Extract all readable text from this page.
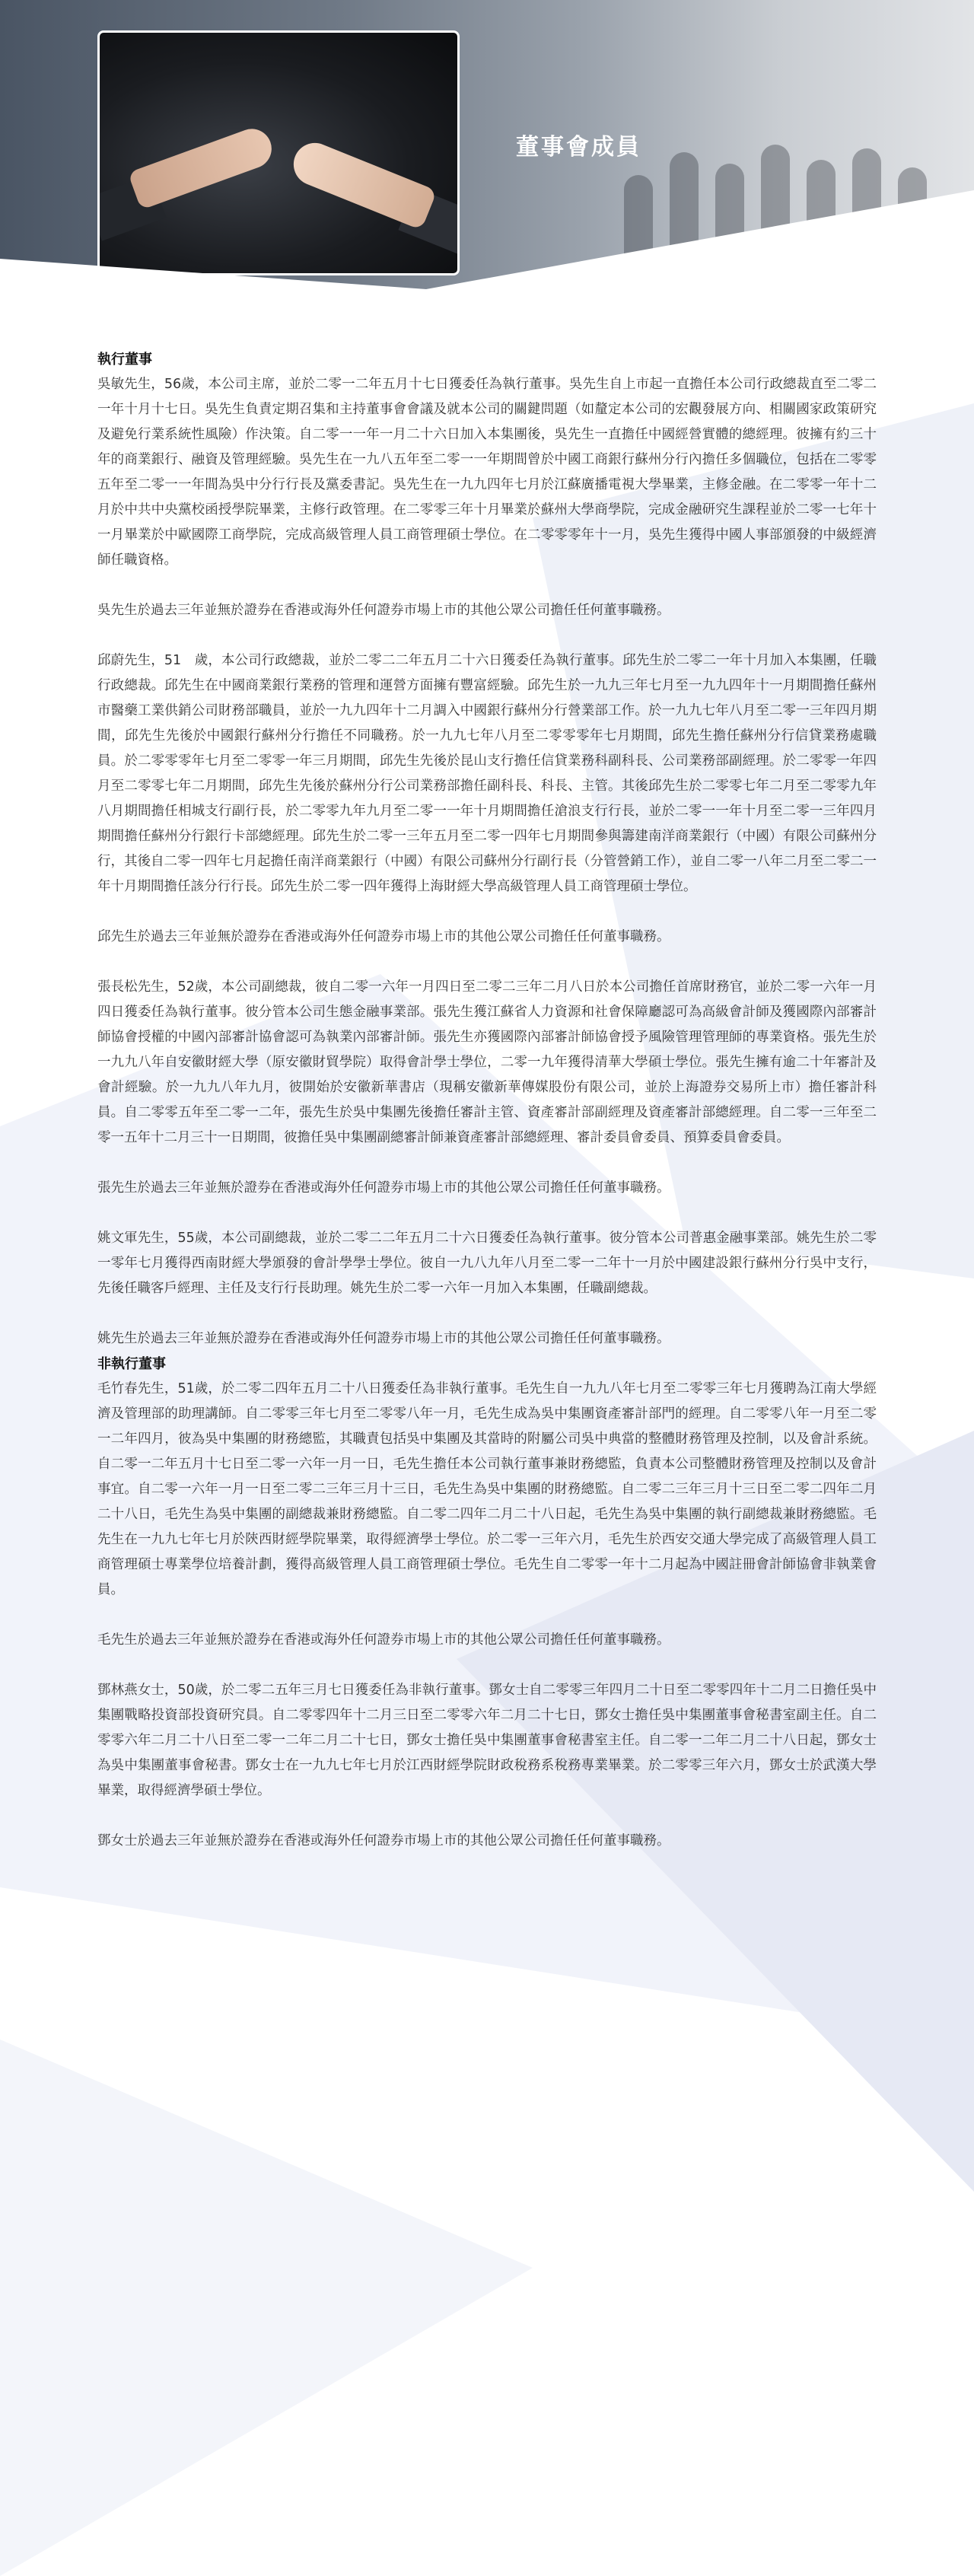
董事會成員

執行董事

吳敏先生，56歲，本公司主席，並於二零一二年五月十七日獲委任為執行董事。吳先生自上市起一直擔任本公司行政總裁直至二零二一年十月十七日。吳先生負責定期召集和主持董事會會議及就本公司的關鍵問題（如釐定本公司的宏觀發展方向、相關國家政策研究及避免行業系統性風險）作決策。自二零一一年一月二十六日加入本集團後，吳先生一直擔任中國經營實體的總經理。彼擁有約三十年的商業銀行、融資及管理經驗。吳先生在一九八五年至二零一一年期間曾於中國工商銀行蘇州分行內擔任多個職位，包括在二零零五年至二零一一年間為吳中分行行長及黨委書記。吳先生在一九九四年七月於江蘇廣播電視大學畢業，主修金融。在二零零一年十二月於中共中央黨校函授學院畢業，主修行政管理。在二零零三年十月畢業於蘇州大學商學院，完成金融研究生課程並於二零一七年十一月畢業於中歐國際工商學院，完成高級管理人員工商管理碩士學位。在二零零零年十一月，吳先生獲得中國人事部頒發的中級經濟師任職資格。

吳先生於過去三年並無於證券在香港或海外任何證券市場上市的其他公眾公司擔任任何董事職務。

邱蔚先生，51　歲，本公司行政總裁，並於二零二二年五月二十六日獲委任為執行董事。邱先生於二零二一年十月加入本集團，任職行政總裁。邱先生在中國商業銀行業務的管理和運營方面擁有豐富經驗。邱先生於一九九三年七月至一九九四年十一月期間擔任蘇州市醫藥工業供銷公司財務部職員，並於一九九四年十二月調入中國銀行蘇州分行營業部工作。於一九九七年八月至二零一三年四月期間，邱先生先後於中國銀行蘇州分行擔任不同職務。於一九九七年八月至二零零零年七月期間，邱先生擔任蘇州分行信貸業務處職員。於二零零零年七月至二零零一年三月期間，邱先生先後於昆山支行擔任信貸業務科副科長、公司業務部副經理。於二零零一年四月至二零零七年二月期間，邱先生先後於蘇州分行公司業務部擔任副科長、科長、主管。其後邱先生於二零零七年二月至二零零九年八月期間擔任相城支行副行長，於二零零九年九月至二零一一年十月期間擔任滄浪支行行長，並於二零一一年十月至二零一三年四月期間擔任蘇州分行銀行卡部總經理。邱先生於二零一三年五月至二零一四年七月期間參與籌建南洋商業銀行（中國）有限公司蘇州分行，其後自二零一四年七月起擔任南洋商業銀行（中國）有限公司蘇州分行副行長（分管營銷工作），並自二零一八年二月至二零二一年十月期間擔任該分行行長。邱先生於二零一四年獲得上海財經大學高級管理人員工商管理碩士學位。

邱先生於過去三年並無於證券在香港或海外任何證券市場上市的其他公眾公司擔任任何董事職務。

張長松先生，52歲，本公司副總裁，彼自二零一六年一月四日至二零二三年二月八日於本公司擔任首席財務官，並於二零一六年一月四日獲委任為執行董事。彼分管本公司生態金融事業部。張先生獲江蘇省人力資源和社會保障廳認可為高級會計師及獲國際內部審計師協會授權的中國內部審計協會認可為執業內部審計師。張先生亦獲國際內部審計師協會授予風險管理管理師的專業資格。張先生於一九九八年自安徽財經大學（原安徽財貿學院）取得會計學士學位，二零一九年獲得清華大學碩士學位。張先生擁有逾二十年審計及會計經驗。於一九九八年九月，彼開始於安徽新華書店（現稱安徽新華傳媒股份有限公司，並於上海證券交易所上市）擔任審計科員。自二零零五年至二零一二年，張先生於吳中集團先後擔任審計主管、資產審計部副經理及資產審計部總經理。自二零一三年至二零一五年十二月三十一日期間，彼擔任吳中集團副總審計師兼資產審計部總經理、審計委員會委員、預算委員會委員。

張先生於過去三年並無於證券在香港或海外任何證券市場上市的其他公眾公司擔任任何董事職務。

姚文軍先生，55歲，本公司副總裁，並於二零二二年五月二十六日獲委任為執行董事。彼分管本公司普惠金融事業部。姚先生於二零一零年七月獲得西南財經大學頒發的會計學學士學位。彼自一九八九年八月至二零一二年十一月於中國建設銀行蘇州分行吳中支行，先後任職客戶經理、主任及支行行長助理。姚先生於二零一六年一月加入本集團，任職副總裁。

姚先生於過去三年並無於證券在香港或海外任何證券市場上市的其他公眾公司擔任任何董事職務。

非執行董事

毛竹春先生，51歲，於二零二四年五月二十八日獲委任為非執行董事。毛先生自一九九八年七月至二零零三年七月獲聘為江南大學經濟及管理部的助理講師。自二零零三年七月至二零零八年一月，毛先生成為吳中集團資產審計部門的經理。自二零零八年一月至二零一二年四月，彼為吳中集團的財務總監，其職責包括吳中集團及其當時的附屬公司吳中典當的整體財務管理及控制，以及會計系統。自二零一二年五月十七日至二零一六年一月一日，毛先生擔任本公司執行董事兼財務總監，負責本公司整體財務管理及控制以及會計事宜。自二零一六年一月一日至二零二三年三月十三日，毛先生為吳中集團的財務總監。自二零二三年三月十三日至二零二四年二月二十八日，毛先生為吳中集團的副總裁兼財務總監。自二零二四年二月二十八日起，毛先生為吳中集團的執行副總裁兼財務總監。毛先生在一九九七年七月於陝西財經學院畢業，取得經濟學士學位。於二零一三年六月，毛先生於西安交通大學完成了高級管理人員工商管理碩士專業學位培養計劃，獲得高級管理人員工商管理碩士學位。毛先生自二零零一年十二月起為中國註冊會計師協會非執業會員。

毛先生於過去三年並無於證券在香港或海外任何證券市場上市的其他公眾公司擔任任何董事職務。

鄧林燕女士，50歲，於二零二五年三月七日獲委任為非執行董事。鄧女士自二零零三年四月二十日至二零零四年十二月二日擔任吳中集團戰略投資部投資研究員。自二零零四年十二月三日至二零零六年二月二十七日，鄧女士擔任吳中集團董事會秘書室副主任。自二零零六年二月二十八日至二零一二年二月二十七日，鄧女士擔任吳中集團董事會秘書室主任。自二零一二年二月二十八日起，鄧女士為吳中集團董事會秘書。鄧女士在一九九七年七月於江西財經學院財政稅務系稅務專業畢業。於二零零三年六月，鄧女士於武漢大學畢業，取得經濟學碩士學位。

鄧女士於過去三年並無於證券在香港或海外任何證券市場上市的其他公眾公司擔任任何董事職務。
